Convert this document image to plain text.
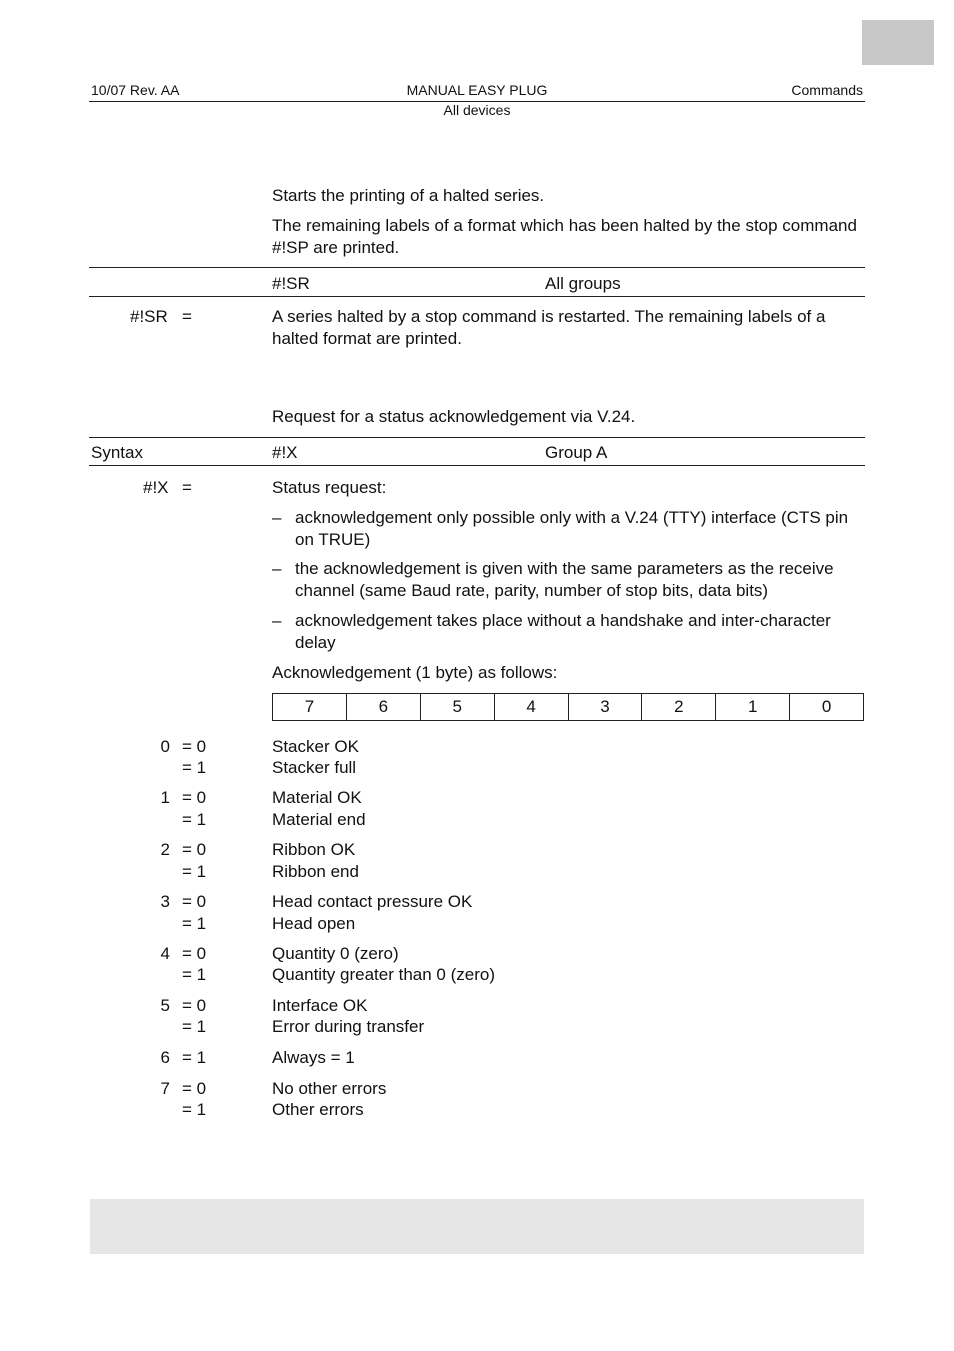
10/07 Rev. AA	MANUAL EASY PLUG	Commands
All devices
Starts the printing of a halted series.
The remaining labels of a format which has been halted by the stop command #!SP are printed.
#!SR	All groups
#!SR =	A series halted by a stop command is restarted. The remaining labels of a halted format are printed.
Request for a status acknowledgement via V.24.
Syntax	#!X	Group A
#!X =	Status request:
– acknowledgement only possible only with a V.24 (TTY) interface (CTS pin on TRUE)
– the acknowledgement is given with the same parameters as the receive channel (same Baud rate, parity, number of stop bits, data bits)
– acknowledgement takes place without a handshake and inter-character delay
Acknowledgement (1 byte) as follows:
7	6	5	4	3	2	1	0
0 = 0	Stacker OK
= 1	Stacker full
1 = 0	Material OK
= 1	Material end
2 = 0	Ribbon OK
= 1	Ribbon end
3 = 0	Head contact pressure OK
= 1	Head open
4 = 0	Quantity 0 (zero)
= 1	Quantity greater than 0 (zero)
5 = 0	Interface OK
= 1	Error during transfer
6 = 1	Always = 1
7 = 0	No other errors
= 1	Other errors
